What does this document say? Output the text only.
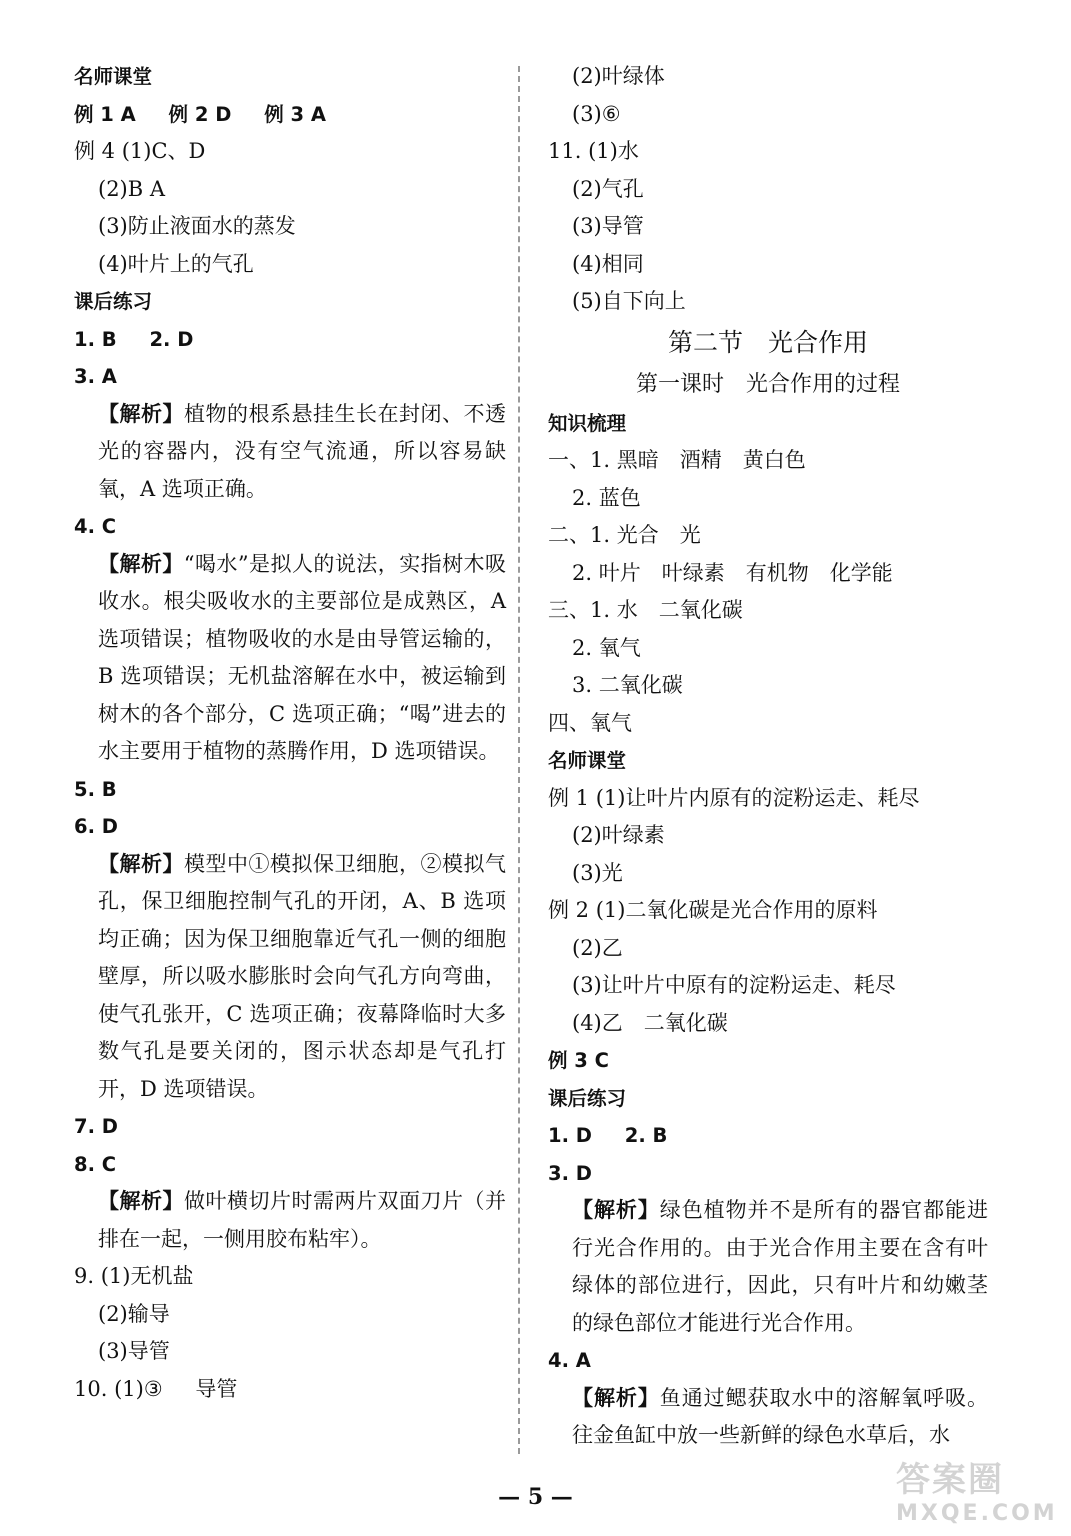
名师课堂
例 1 A 例 2 D 例 3 A
例 4 (1)C、D
(2)B A
(3)防止液面水的蒸发
(4)叶片上的气孔
课后练习
1. B 2. D
3. A
【解析】植物的根系悬挂生长在封闭、不透光的容器内，没有空气流通，所以容易缺氧，A 选项正确。
4. C
【解析】“喝水”是拟人的说法，实指树木吸收水。根尖吸收水的主要部位是成熟区，A 选项错误；植物吸收的水是由导管运输的，B 选项错误；无机盐溶解在水中，被运输到树木的各个部分，C 选项正确；“喝”进去的水主要用于植物的蒸腾作用，D 选项错误。
5. B
6. D
【解析】模型中①模拟保卫细胞，②模拟气孔，保卫细胞控制气孔的开闭，A、B 选项均正确；因为保卫细胞靠近气孔一侧的细胞壁厚，所以吸水膨胀时会向气孔方向弯曲，使气孔张开，C 选项正确；夜幕降临时大多数气孔是要关闭的，图示状态却是气孔打开，D 选项错误。
7. D
8. C
【解析】做叶横切片时需两片双面刀片（并排在一起，一侧用胶布粘牢）。
9. (1)无机盐
(2)输导
(3)导管
10. (1)③ 导管
(2)叶绿体
(3)⑥
11. (1)水
(2)气孔
(3)导管
(4)相同
(5)自下向上
第二节　光合作用
第一课时　光合作用的过程
知识梳理
一、1. 黑暗　酒精　黄白色
2. 蓝色
二、1. 光合　光
2. 叶片　叶绿素　有机物　化学能
三、1. 水　二氧化碳
2. 氧气
3. 二氧化碳
四、氧气
名师课堂
例 1 (1)让叶片内原有的淀粉运走、耗尽
(2)叶绿素
(3)光
例 2 (1)二氧化碳是光合作用的原料
(2)乙
(3)让叶片中原有的淀粉运走、耗尽
(4)乙　二氧化碳
例 3 C
课后练习
1. D 2. B
3. D
【解析】绿色植物并不是所有的器官都能进行光合作用的。由于光合作用主要在含有叶绿体的部位进行，因此，只有叶片和幼嫩茎的绿色部位才能进行光合作用。
4. A
【解析】鱼通过鳃获取水中的溶解氧呼吸。往金鱼缸中放一些新鲜的绿色水草后，水
— 5 —	答案圈
MXQE.COM
